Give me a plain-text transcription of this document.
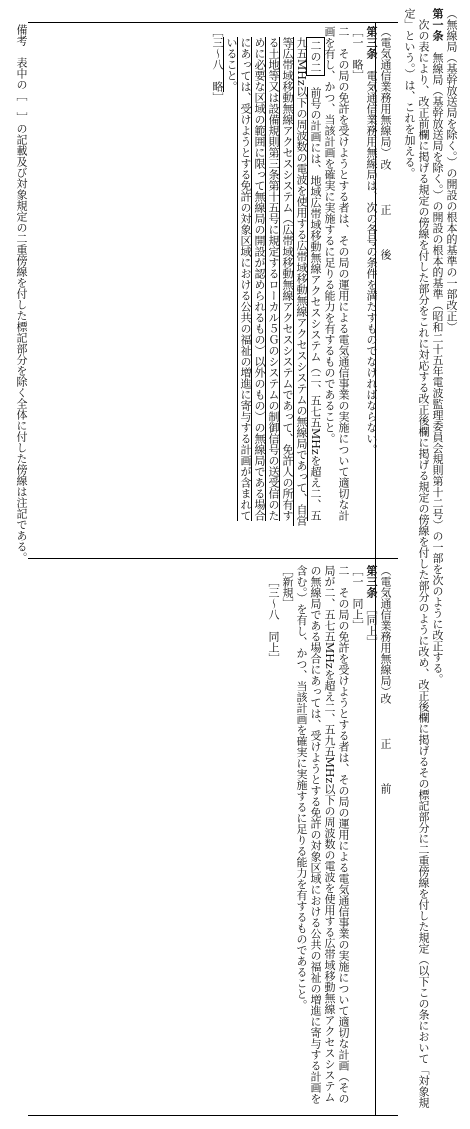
（無線局（基幹放送局を除く。）の開設の根本的基準の一部改正）

第一条　無線局（基幹放送局を除く。）の開設の根本的基準（昭和二十五年電波監理委員会規則第十二号）の一部を次のように改正する。

　次の表により、改正前欄に掲げる規定の傍線を付した部分をこれに対応する改正後欄に掲げる規定の傍線を付した部分のように改め、改正後欄に掲げるその標記部分に二重傍線を付した規定（以下この条において「対象規定」という。）は、これを加える。

改正後
改正前

（電気通信業務用無線局）

第三条　電気通信業務用無線局は、次の各号の条件を満たすものでなければならない。

［一　略］

二　その局の免許を受けようとする者は、その局の運用による電気通信事業の実施について適切な計画を有し、かつ、当該計画を確実に実施するに足りる能力を有するものであること。

二の二　前号の計画には、地域広帯域移動無線アクセスシステム（二、五七五MHzを超え二、五九五MHz以下の周波数の電波を使用する広帯域移動無線アクセスシステムの無線局であって、自営等広帯域移動無線アクセスシステム（広帯域移動無線アクセスシステムであって、免許人の所有する土地等又は設備規則第三条第十五号に規定するローカル５Ｇのシステムの制御信号の送受信のために必要な区域の範囲に限って無線局の開設が認められるもの）以外のもの）の無線局である場合にあっては、受けようとする免許の対象区域における公共の福祉の増進に寄与する計画が含まれていること。

［三～八　略］

（電気通信業務用無線局）

第三条　［同上］

［一　同上］

二　その局の免許を受けようとする者は、その局の運用による電気通信事業の実施について適切な計画（その局が二、五七五MHzを超え二、五九五MHz以下の周波数の電波を使用する広帯域移動無線アクセスシステムの無線局である場合にあっては、受けようとする免許の対象区域における公共の福祉の増進に寄与する計画を含む。）を有し、かつ、当該計画を確実に実施するに足りる能力を有するものであること。

［新規］

［三～八　同上］

備考　表中の［　］の記載及び対象規定の二重傍線を付した標記部分を除く全体に付した傍線は注記である。
